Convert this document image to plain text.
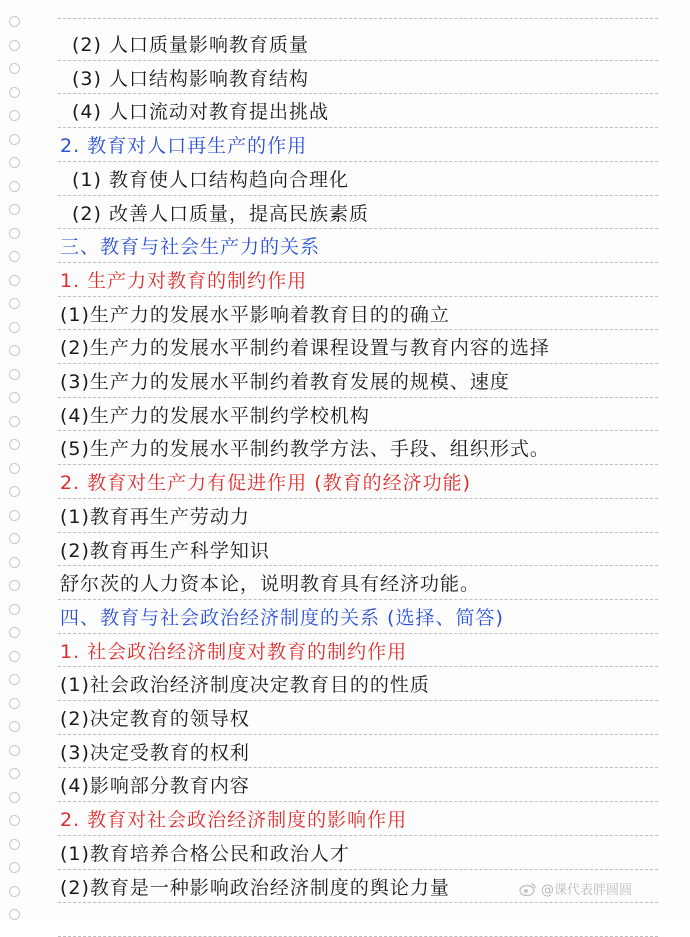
(2) 人口质量影响教育质量
(3) 人口结构影响教育结构
(4) 人口流动对教育提出挑战
2. 教育对人口再生产的作用
(1) 教育使人口结构趋向合理化
(2) 改善人口质量，提高民族素质
三、教育与社会生产力的关系
1. 生产力对教育的制约作用
(1)生产力的发展水平影响着教育目的的确立
(2)生产力的发展水平制约着课程设置与教育内容的选择
(3)生产力的发展水平制约着教育发展的规模、速度
(4)生产力的发展水平制约学校机构
(5)生产力的发展水平制约教学方法、手段、组织形式。
2. 教育对生产力有促进作用 (教育的经济功能)
(1)教育再生产劳动力
(2)教育再生产科学知识
舒尔茨的人力资本论，说明教育具有经济功能。
四、教育与社会政治经济制度的关系 (选择、简答)
1. 社会政治经济制度对教育的制约作用
(1)社会政治经济制度决定教育目的的性质
(2)决定教育的领导权
(3)决定受教育的权利
(4)影响部分教育内容
2. 教育对社会政治经济制度的影响作用
(1)教育培养合格公民和政治人才
(2)教育是一种影响政治经济制度的舆论力量	@课代表胖圆圆
